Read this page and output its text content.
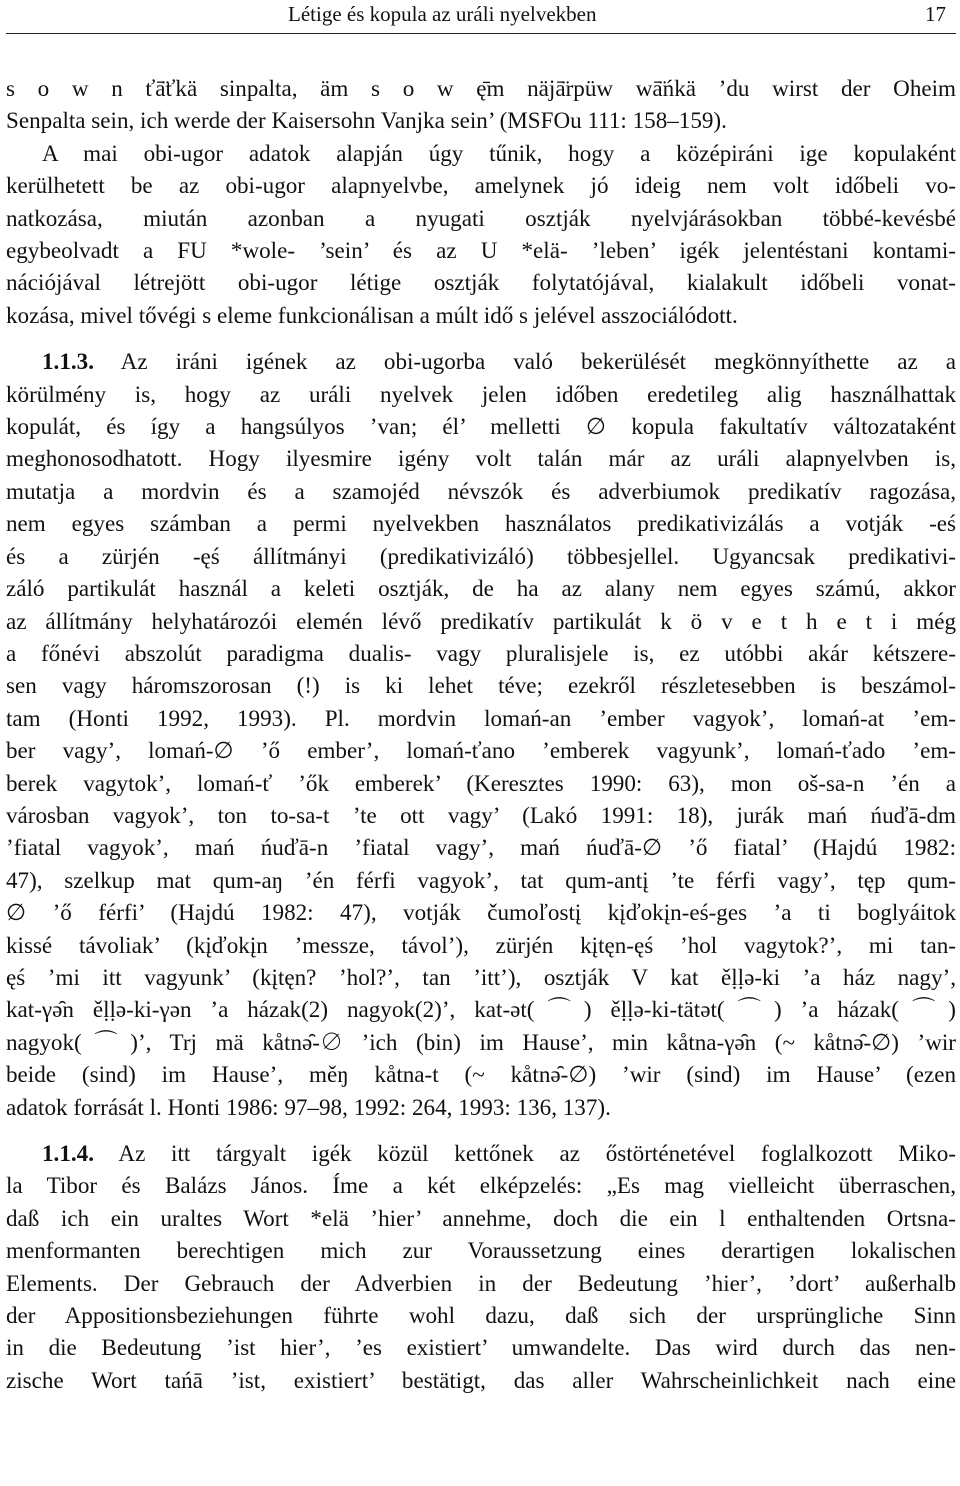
Létige és kopula az uráli nyelvekben	17

s o w n ťā̈ťkä sinpalta, äm s o w ę̄m näjā̈rpüw wā̈ńkä ’du wirst der Oheim

Senpalta sein, ich werde der Kaisersohn Vanjka sein’ (MSFOu 111: 158–159).

A mai obi-ugor adatok alapján úgy tűnik, hogy a középiráni ige kopulaként

kerülhetett be az obi-ugor alapnyelvbe, amelynek jó ideig nem volt időbeli vo-

natkozása, miután azonban a nyugati osztják nyelvjárásokban többé-kevésbé

egybeolvadt a FU *wole- ’sein’ és az U *elä- ’leben’ igék jelentéstani kontami-

nációjával létrejött obi-ugor létige osztják folytatójával, kialakult időbeli vonat-

kozása, mivel tővégi s eleme funkcionálisan a múlt idő s jelével asszociálódott.

1.1.3. Az iráni igének az obi-ugorba való bekerülését megkönnyíthette az a

körülmény is, hogy az uráli nyelvek jelen időben eredetileg alig használhattak

kopulát, és így a hangsúlyos ’van; él’ melletti ∅ kopula fakultatív változataként

meghonosodhatott. Hogy ilyesmire igény volt talán már az uráli alapnyelvben is,

mutatja a mordvin és a szamojéd névszók és adverbiumok predikatív ragozása,

nem egyes számban a permi nyelvekben használatos predikativizálás a votják -eś

és a zürjén -ęś állítmányi (predikativizáló) többesjellel. Ugyancsak predikativi-

záló partikulát használ a keleti osztják, de ha az alany nem egyes számú, akkor

az állítmány helyhatározói elemén lévő predikatív partikulát k ö v e t h e t i még

a főnévi abszolút paradigma dualis- vagy pluralisjele is, ez utóbbi akár kétszere-

sen vagy háromszorosan (!) is ki lehet téve; ezekről részletesebben is beszámol-

tam (Honti 1992, 1993). Pl. mordvin lomań-an ’ember vagyok’, lomań-at ’em-

ber vagy’, lomań-∅ ’ő ember’, lomań-ťano ’emberek vagyunk’, lomań-ťado ’em-

berek vagytok’, lomań-ť ’ők emberek’ (Keresztes 1990: 63), mon oš-sa-n ’én a

városban vagyok’, ton to-sa-t ’te ott vagy’ (Lakó 1991: 18), jurák mań ńuďā-dm

’fiatal vagyok’, mań ńuďā-n ’fiatal vagy’, mań ńuďā-∅ ’ő fiatal’ (Hajdú 1982:

47), szelkup mat qum-aŋ ’én férfi vagyok’, tat qum-antį ’te férfi vagy’, tęp qum-

∅ ’ő férfi’ (Hajdú 1982: 47), votják čumoľostį kįďokįn-eś-ges ’a ti boglyáitok

kissé távoliak’ (kįďokįn ’messze, távol’), zürjén kįtęn-ęś ’hol vagytok?’, mi tan-

ęś ’mi itt vagyunk’ (kįtęn? ’hol?’, tan ’itt’), osztják V kat ěḷḷə-ki ’a ház nagy’,

kat-γə̑n ěḷḷə-ki-γən ’a házak(2) nagyok(2)’, kat-ət(⌒) ěḷḷə-ki-tätət(⌒) ’a házak(⌒)

nagyok(⌒)’, Trj mä kåtnə̑-∅ ’ich (bin) im Hause’, min kåtna-γə̑n (~ kåtnə̑-∅) ’wir

beide (sind) im Hause’, měŋ kåtna-t (~ kåtnə̑-∅) ’wir (sind) im Hause’ (ezen

adatok forrását l. Honti 1986: 97–98, 1992: 264, 1993: 136, 137).

1.1.4. Az itt tárgyalt igék közül kettőnek az őstörténetével foglalkozott Miko-

la Tibor és Balázs János. Íme a két elképzelés: „Es mag vielleicht überraschen,

daß ich ein uraltes Wort *elä ’hier’ annehme, doch die ein l enthaltenden Ortsna-

menformanten berechtigen mich zur Voraussetzung eines derartigen lokalischen

Elements. Der Gebrauch der Adverbien in der Bedeutung ’hier’, ’dort’ außerhalb

der Appositionsbeziehungen führte wohl dazu, daß sich der ursprüngliche Sinn

in die Bedeutung ’ist hier’, ’es existiert’ umwandelte. Das wird durch das nen-

zische Wort tańā ’ist, existiert’ bestätigt, das aller Wahrscheinlichkeit nach eine
